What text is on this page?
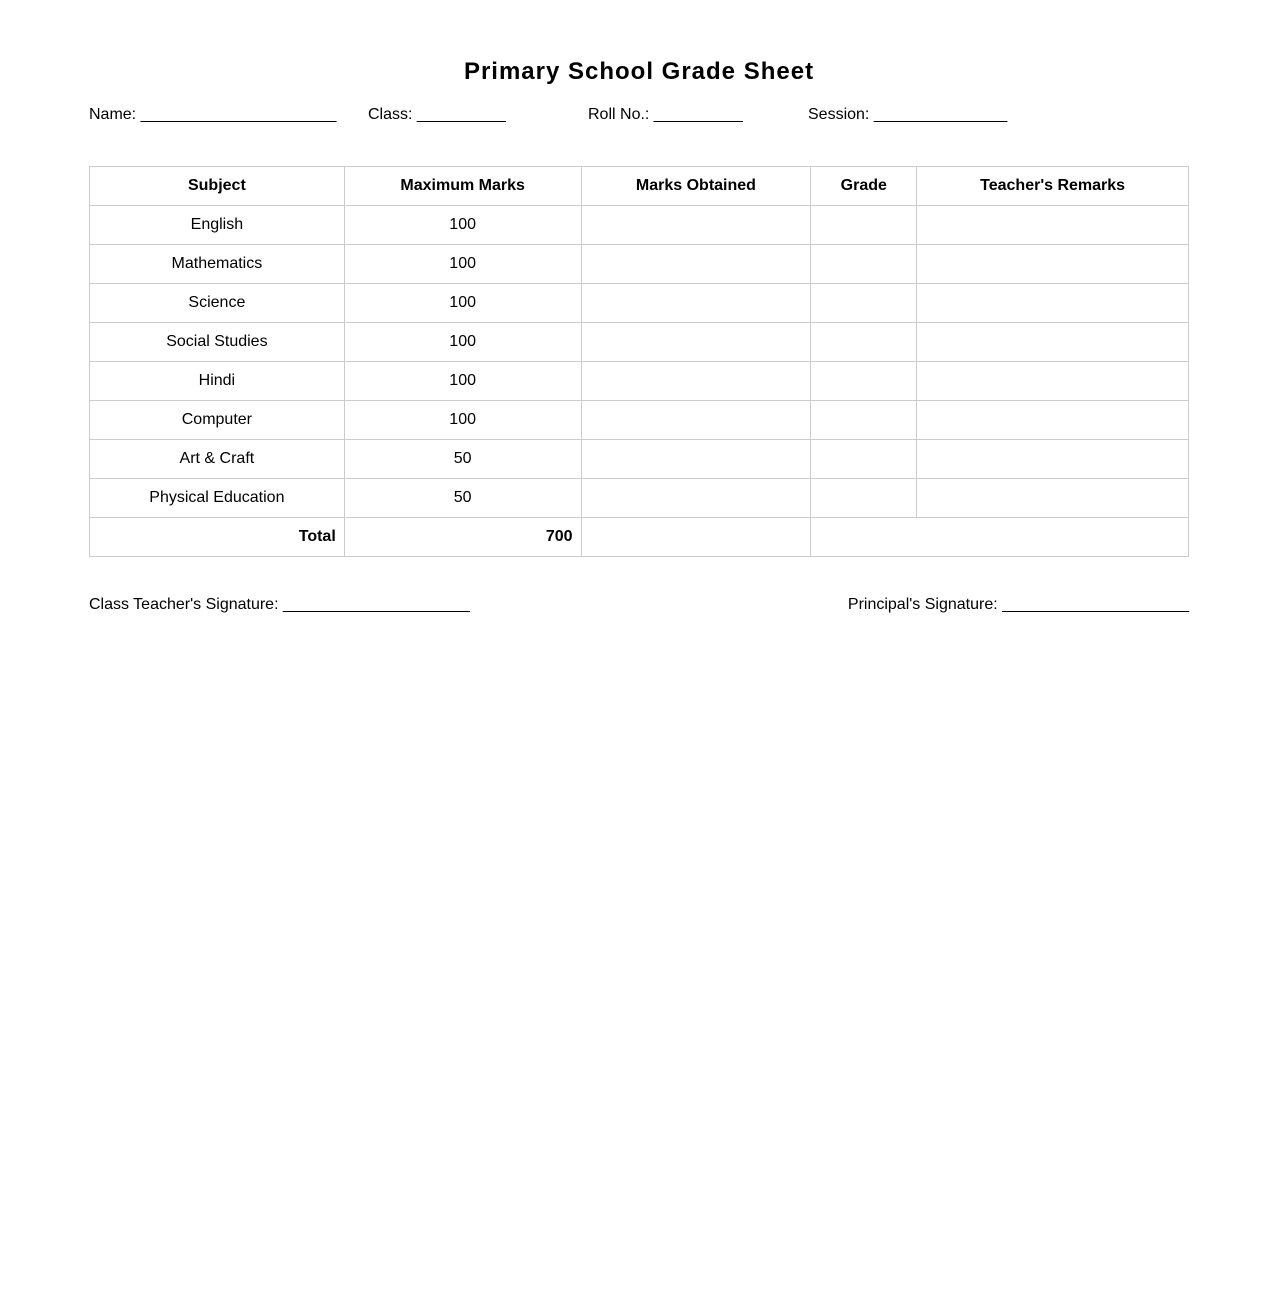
Primary School Grade Sheet
Name: ______________________ Class: __________	Roll No.: __________	Session: _______________
Subject	Maximum Marks	Marks Obtained	Grade	Teacher's Remarks
English	100			
Mathematics	100			
Science	100			
Social Studies	100			
Hindi	100			
Computer	100			
Art & Craft	50			
Physical Education	50			
Total	700			
Class Teacher's Signature: _____________________	Principal's Signature: _____________________
